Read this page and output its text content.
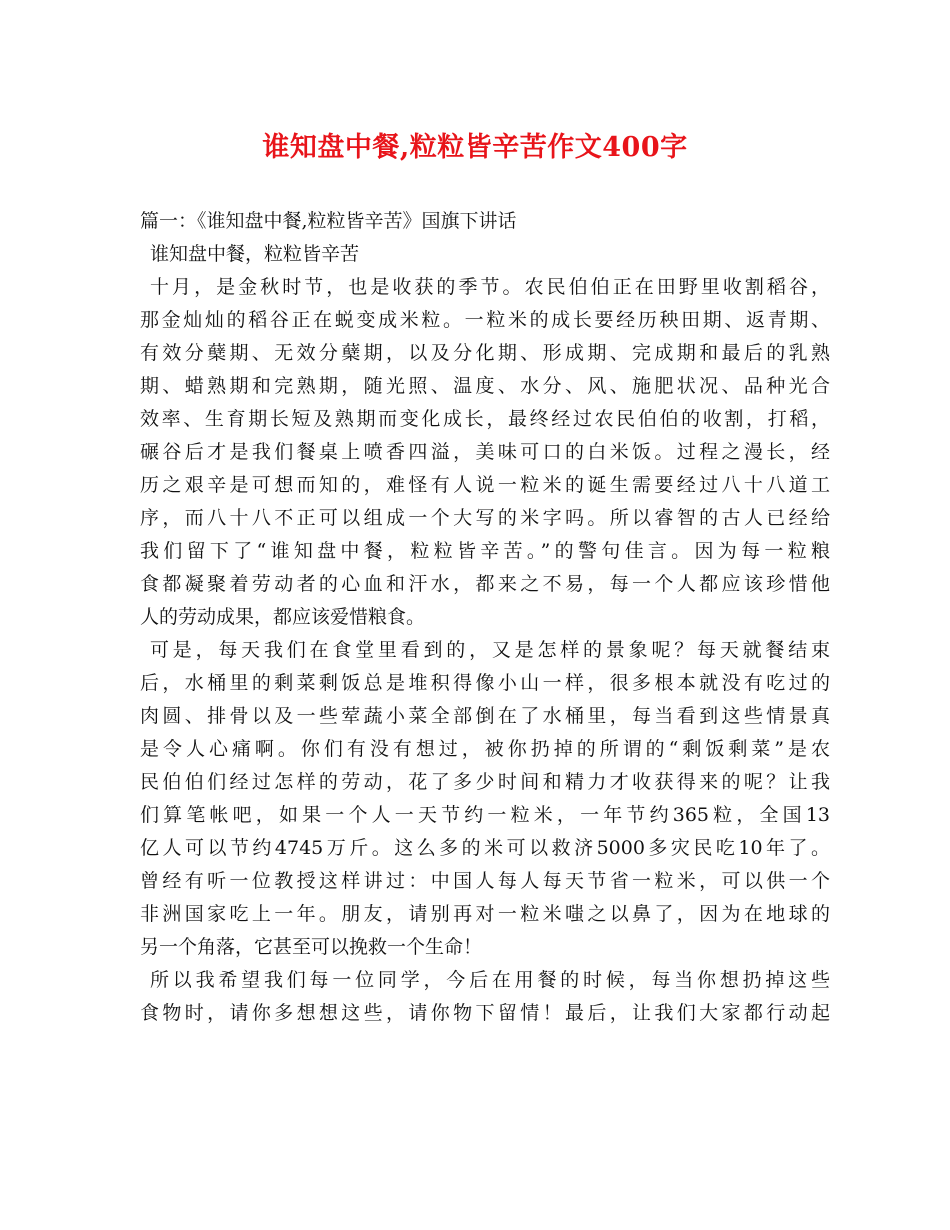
谁知盘中餐,粒粒皆辛苦作文400字
篇一：《谁知盘中餐,粒粒皆辛苦》国旗下讲话
谁知盘中餐，粒粒皆辛苦
十月，是金秋时节，也是收获的季节。农民伯伯正在田野里收割稻谷，
那金灿灿的稻谷正在蜕变成米粒。一粒米的成长要经历秧田期、返青期、
有效分蘖期、无效分蘖期，以及分化期、形成期、完成期和最后的乳熟
期、蜡熟期和完熟期，随光照、温度、水分、风、施肥状况、品种光合
效率、生育期长短及熟期而变化成长，最终经过农民伯伯的收割，打稻，
碾谷后才是我们餐桌上喷香四溢，美味可口的白米饭。过程之漫长，经
历之艰辛是可想而知的，难怪有人说一粒米的诞生需要经过八十八道工
序，而八十八不正可以组成一个大写的米字吗。所以睿智的古人已经给
我们留下了“谁知盘中餐，粒粒皆辛苦。”的警句佳言。因为每一粒粮
食都凝聚着劳动者的心血和汗水，都来之不易，每一个人都应该珍惜他
人的劳动成果，都应该爱惜粮食。
可是，每天我们在食堂里看到的，又是怎样的景象呢？每天就餐结束
后，水桶里的剩菜剩饭总是堆积得像小山一样，很多根本就没有吃过的
肉圆、排骨以及一些荤蔬小菜全部倒在了水桶里，每当看到这些情景真
是令人心痛啊。你们有没有想过，被你扔掉的所谓的“剩饭剩菜”是农
民伯伯们经过怎样的劳动，花了多少时间和精力才收获得来的呢？让我
们算笔帐吧，如果一个人一天节约一粒米，一年节约365粒，全国13
亿人可以节约4745万斤。这么多的米可以救济5000多灾民吃10年了。
曾经有听一位教授这样讲过：中国人每人每天节省一粒米，可以供一个
非洲国家吃上一年。朋友，请别再对一粒米嗤之以鼻了，因为在地球的
另一个角落，它甚至可以挽救一个生命！
所以我希望我们每一位同学，今后在用餐的时候，每当你想扔掉这些
食物时，请你多想想这些，请你物下留情！最后，让我们大家都行动起
